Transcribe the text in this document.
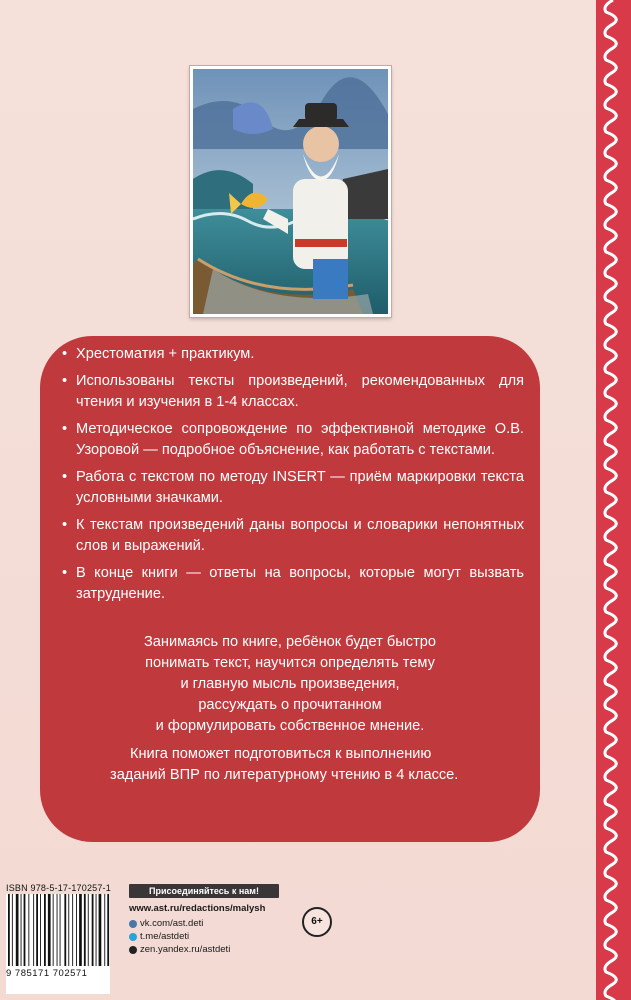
• Хрестоматия + практикум.
• Использованы тексты произведений, рекомендованных для чтения и изучения в 1-4 классах.
• Методическое сопровождение по эффективной методике О.В. Узоровой — подробное объяснение, как работать с текстами.
• Работа с текстом по методу INSERT — приём маркировки текста условными значками.
• К текстам произведений даны вопросы и словарики непонятных слов и выражений.
• В конце книги — ответы на вопросы, которые могут вызвать затруднение.
Занимаясь по книге, ребёнок будет быстро
понимать текст, научится определять тему
и главную мысль произведения,
рассуждать о прочитанном
и формулировать собственное мнение.
Книга поможет подготовиться к выполнению
заданий ВПР по литературному чтению в 4 классе.
ISBN 978-5-17-170257-1
9 785171 702571
Присоединяйтесь к нам!
www.ast.ru/redactions/malysh
vk.com/ast.deti
t.me/astdeti
zen.yandex.ru/astdeti
6+
